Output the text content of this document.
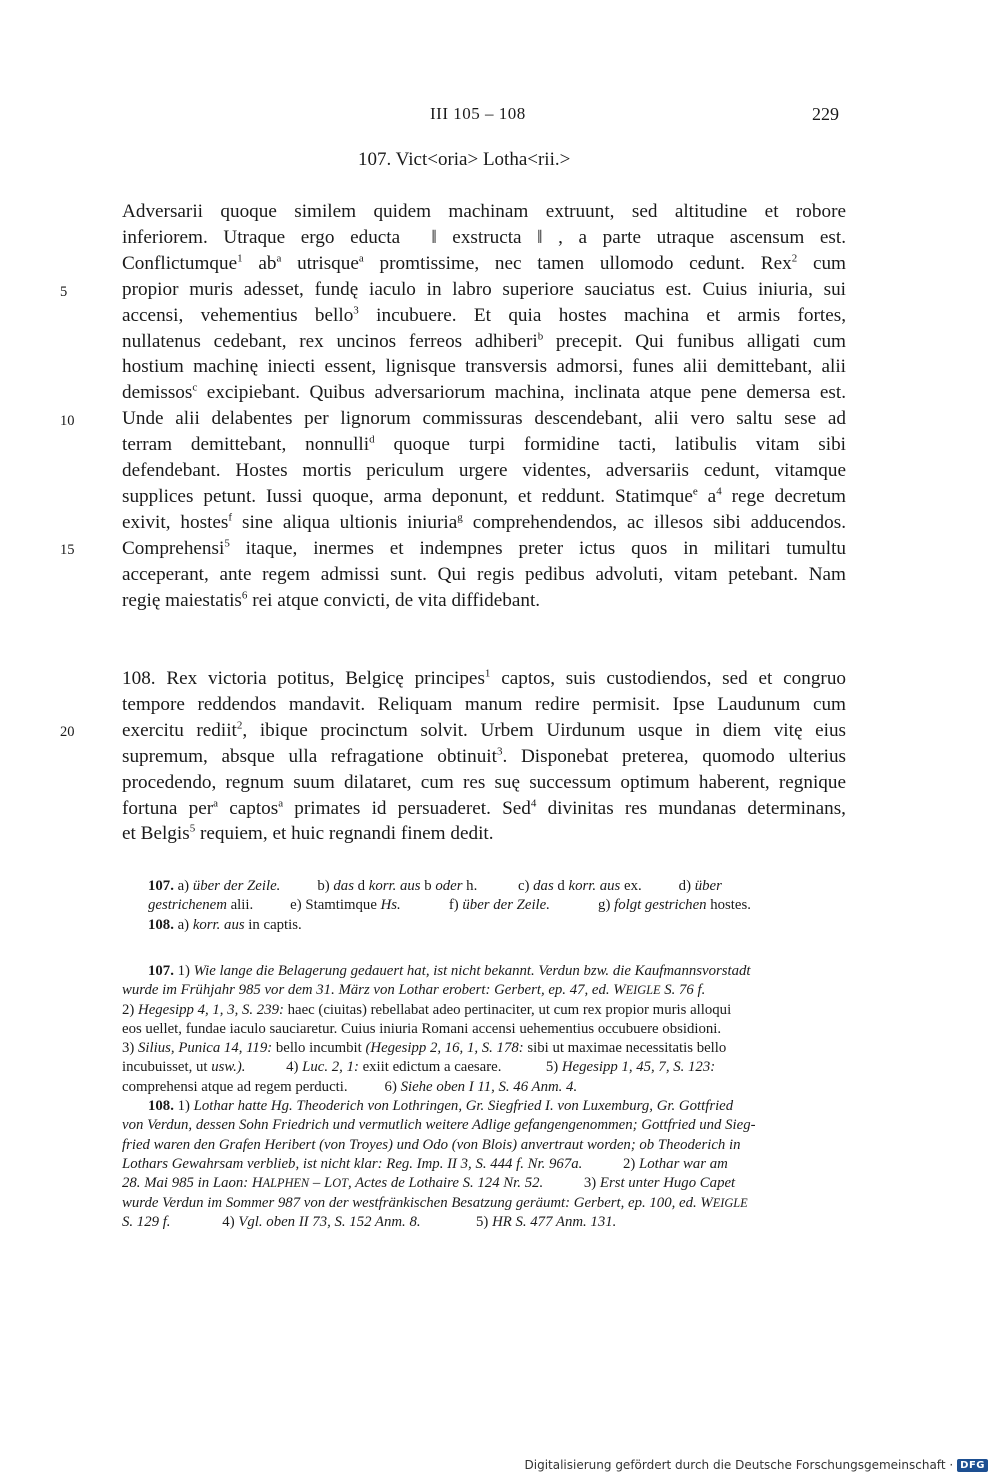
III 105 – 108	229
107. Vict<oria> Lotha<rii.>
Adversarii quoque similem quidem machinam extruunt, sed altitudine et robore
inferiorem. Utraque ergo educta  ‖ exstructa ‖ , a parte utraque ascensum est.
Conflictumque$^1$ $ab^a$ utrisque$^a$ promtissime, nec tamen ullomodo cedunt. Rex$^2$ cum
propior muris adesset, fundę iaculo in labro superiore sauciatus est. Cuius iniuria, sui
accensi, vehementius bello$^3$ incubuere. Et quia hostes machina et armis fortes,
nullatenus cedebant, rex uncinos ferreos adhiberi$^b$ precepit. Qui funibus alligati cum
hostium machinę iniecti essent, lignisque transversis admorsi, funes alii demittebant, alii
demissos$^c$ excipiebant. Quibus adversariorum machina, inclinata atque pene demersa est.
Unde alii delabentes per lignorum commissuras descendebant, alii vero saltu sese ad
terram demittebant, nonnulli$^d$ quoque turpi formidine tacti, latibulis vitam sibi
defendebant. Hostes mortis periculum urgere videntes, adversariis cedunt, vitamque
supplices petunt. Iussi quoque, arma deponunt, et reddunt. Statimque$^e$ $a^4$ rege decretum
exivit, hostes$^f$ sine aliqua ultionis iniuria$^g$ comprehendendos, ac illesos sibi adducendos.
Comprehensi$^5$ itaque, inermes et indempnes preter ictus quos in militari tumultu
acceperant, ante regem admissi sunt. Qui regis pedibus advoluti, vitam petebant. Nam
regię maiestatis$^6$ rei atque convicti, de vita diffidebant.
108. Rex victoria potitus, Belgicę principes$^1$ captos, suis custodiendos, sed et congruo
tempore reddendos mandavit. Reliquam manum redire permisit. Ipse Laudunum cum
exercitu rediit$^2$, ibique procinctum solvit. Urbem Uirdunum usque in diem vitę eius
supremum, absque ulla refragatione obtinuit$^3$. Disponebat preterea, quomodo ulterius
procedendo, regnum suum dilataret, cum res suę successum optimum haberent, regnique
fortuna per$^a$ captos$^a$ primates id persuaderet. Sed$^4$ divinitas res mundanas determinans,
et Belgis$^5$ requiem, et huic regnandi finem dedit.
5
10
15
20
107. a) über der Zeile.          b) das d korr. aus b oder h.           c) das d korr. aus ex.          d) über
gestrichenem alii.          e) Stamtimque Hs.             f) über der Zeile.             g) folgt gestrichen hostes.
108. a) korr. aus in captis.
107. 1) Wie lange die Belagerung gedauert hat, ist nicht bekannt. Verdun bzw. die Kaufmannsvorstadt
wurde im Frühjahr 985 vor dem 31. März von Lothar erobert: Gerbert, ep. 47, ed. WEIGLE S. 76 f.
2) Hegesipp 4, 1, 3, S. 239: haec (ciuitas) rebellabat adeo pertinaciter, ut cum rex propior muris alloqui
eos uellet, fundae iaculo sauciaretur. Cuius iniuria Romani accensi uehementius occubuere obsidioni.
3) Silius, Punica 14, 119: bello incumbit (Hegesipp 2, 16, 1, S. 178: sibi ut maximae necessitatis bello
incubuisset, ut usw.).           4) Luc. 2, 1: exiit edictum a caesare.            5) Hegesipp 1, 45, 7, S. 123:
comprehensi atque ad regem perducti.          6) Siehe oben I 11, S. 46 Anm. 4.
108. 1) Lothar hatte Hg. Theoderich von Lothringen, Gr. Siegfried I. von Luxemburg, Gr. Gottfried
von Verdun, dessen Sohn Friedrich und vermutlich weitere Adlige gefangengenommen; Gottfried und Sieg-
fried waren den Grafen Heribert (von Troyes) und Odo (von Blois) anvertraut worden; ob Theoderich in
Lothars Gewahrsam verblieb, ist nicht klar: Reg. Imp. II 3, S. 444 f. Nr. 967a.           2) Lothar war am
28. Mai 985 in Laon: HALPHEN – LOT, Actes de Lothaire S. 124 Nr. 52.           3) Erst unter Hugo Capet
wurde Verdun im Sommer 987 von der westfränkischen Besatzung geräumt: Gerbert, ep. 100, ed. WEIGLE
S. 129 f.              4) Vgl. oben II 73, S. 152 Anm. 8.               5) HR S. 477 Anm. 131.
Digitalisierung gefördert durch die Deutsche Forschungsgemeinschaft · DFG
